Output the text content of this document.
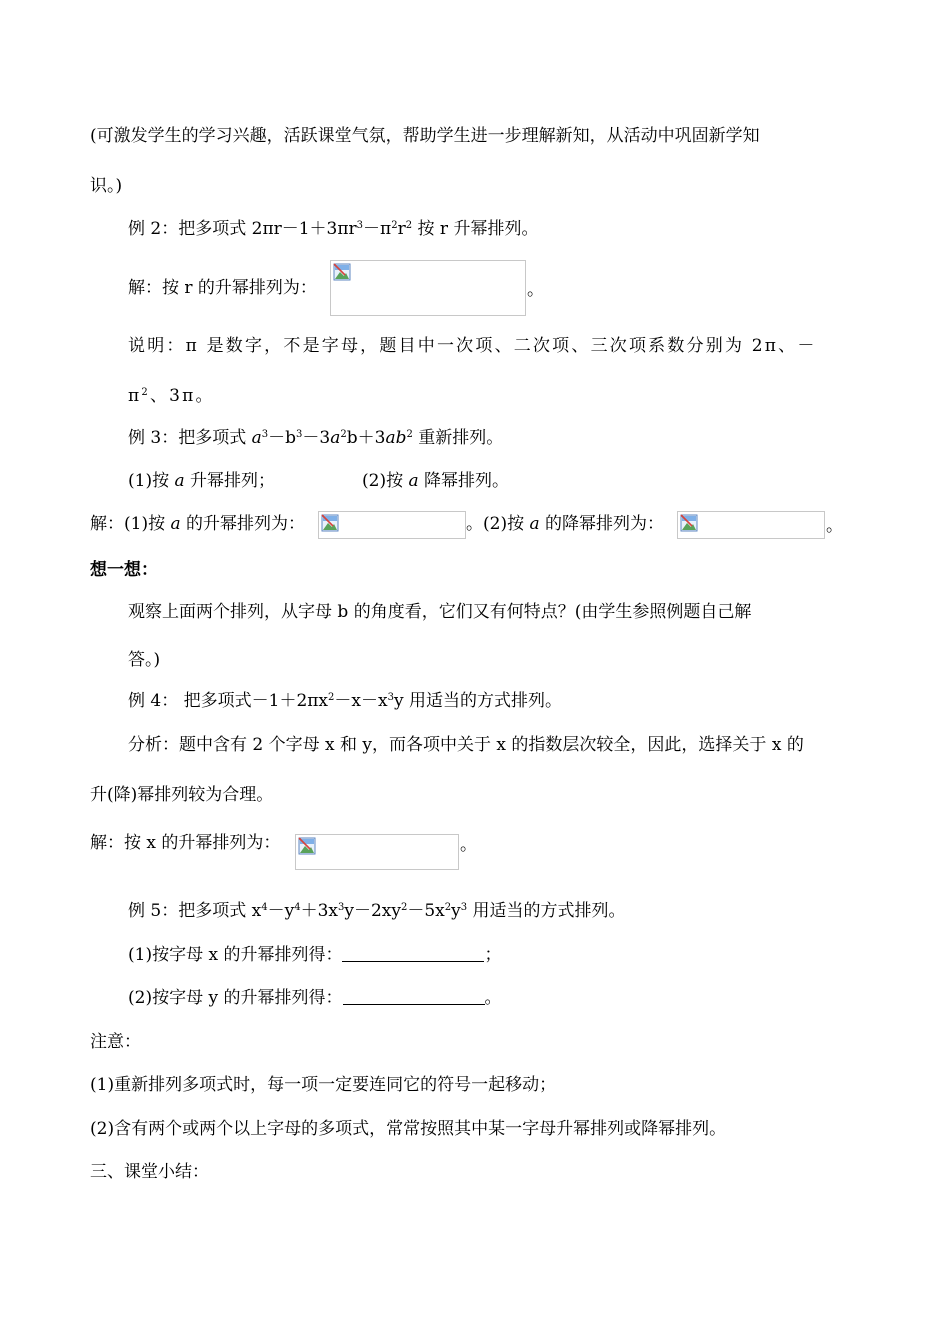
(可激发学生的学习兴趣，活跃课堂气氛，帮助学生进一步理解新知，从活动中巩固新学知
识。)
例 2：把多项式 $2\pi r-1+3\pi r^3-\pi^2r^2$ 按 r 升幂排列。
解：按 r 的升幂排列为：	。
说明：π 是数字，不是字母，题目中一次项、二次项、三次项系数分别为 2π、－
$\pi^2$、3π。
例 3：把多项式 $a^3-b^3-3a^2b+3ab^2$ 重新排列。
(1)按 a 升幂排列；	(2)按 a 降幂排列。
解：(1)按 a 的升幂排列为：	。(2)按 a 的降幂排列为：	。
想一想：
观察上面两个排列，从字母 b 的角度看，它们又有何特点？(由学生参照例题自己解
答。)
例 4： 把多项式$-1+2\pi x^2-x-x^3y$ 用适当的方式排列。
分析：题中含有 2 个字母 x 和 y，而各项中关于 x 的指数层次较全，因此，选择关于 x 的
升(降)幂排列较为合理。
解：按 x 的升幂排列为：	。
例 5：把多项式 $x^4-y^4+3x^3y-2xy^2-5x^2y^3$ 用适当的方式排列。
(1)按字母 x 的升幂排列得：	；
(2)按字母 y 的升幂排列得：	。
注意：
(1)重新排列多项式时，每一项一定要连同它的符号一起移动；
(2)含有两个或两个以上字母的多项式，常常按照其中某一字母升幂排列或降幂排列。
三、课堂小结：
